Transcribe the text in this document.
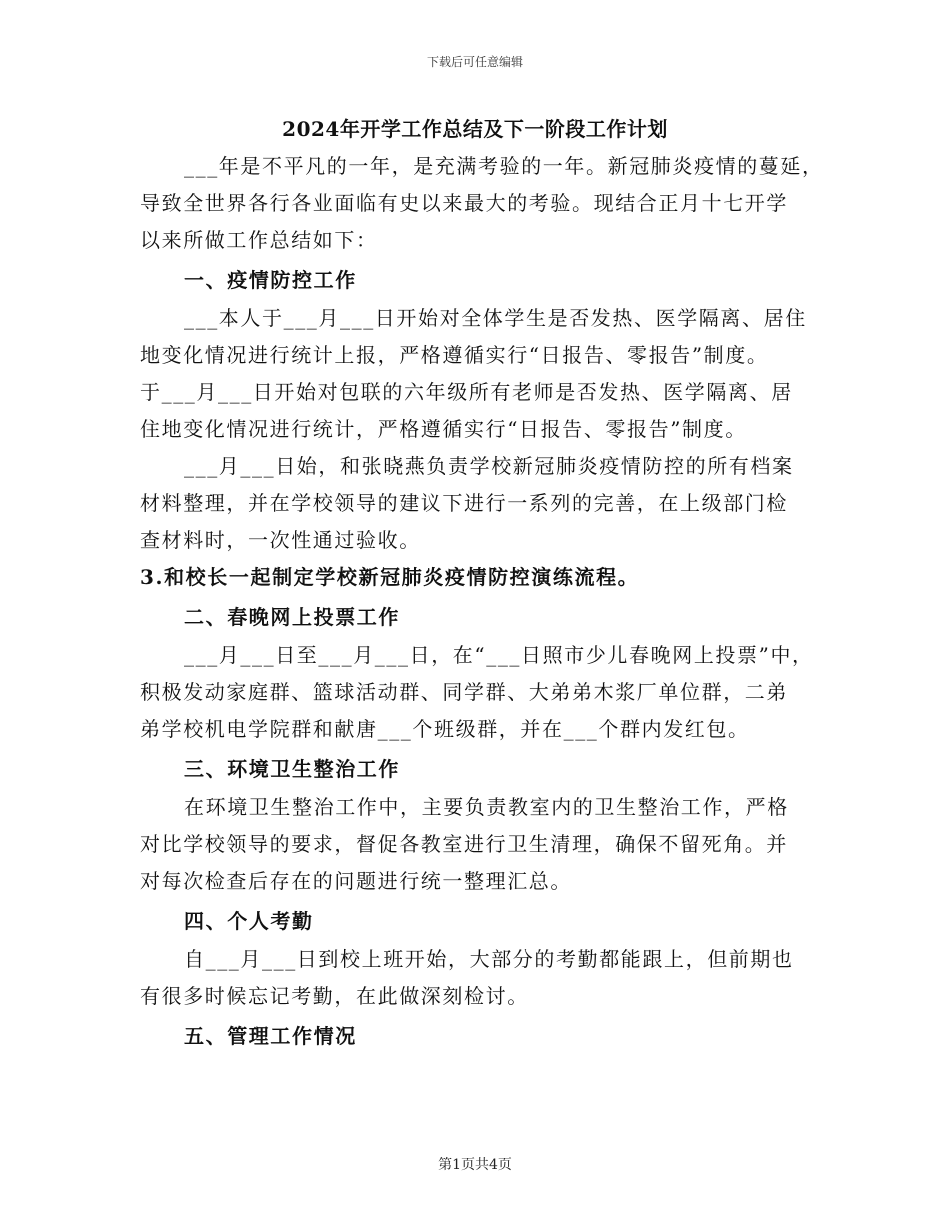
下载后可任意编辑
2024年开学工作总结及下一阶段工作计划
___年是不平凡的一年，是充满考验的一年。新冠肺炎疫情的蔓延，
导致全世界各行各业面临有史以来最大的考验。现结合正月十七开学
以来所做工作总结如下：
一、疫情防控工作
___本人于___月___日开始对全体学生是否发热、医学隔离、居住
地变化情况进行统计上报，严格遵循实行“日报告、零报告”制度。
于___月___日开始对包联的六年级所有老师是否发热、医学隔离、居
住地变化情况进行统计，严格遵循实行“日报告、零报告”制度。
___月___日始，和张晓燕负责学校新冠肺炎疫情防控的所有档案
材料整理，并在学校领导的建议下进行一系列的完善，在上级部门检
查材料时，一次性通过验收。
3.和校长一起制定学校新冠肺炎疫情防控演练流程。
二、春晚网上投票工作
___月___日至___月___日，在“___日照市少儿春晚网上投票”中，
积极发动家庭群、篮球活动群、同学群、大弟弟木浆厂单位群，二弟
弟学校机电学院群和献唐___个班级群，并在___个群内发红包。
三、环境卫生整治工作
在环境卫生整治工作中，主要负责教室内的卫生整治工作，严格
对比学校领导的要求，督促各教室进行卫生清理，确保不留死角。并
对每次检查后存在的问题进行统一整理汇总。
四、个人考勤
自___月___日到校上班开始，大部分的考勤都能跟上，但前期也
有很多时候忘记考勤，在此做深刻检讨。
五、管理工作情况
第1页共4页
